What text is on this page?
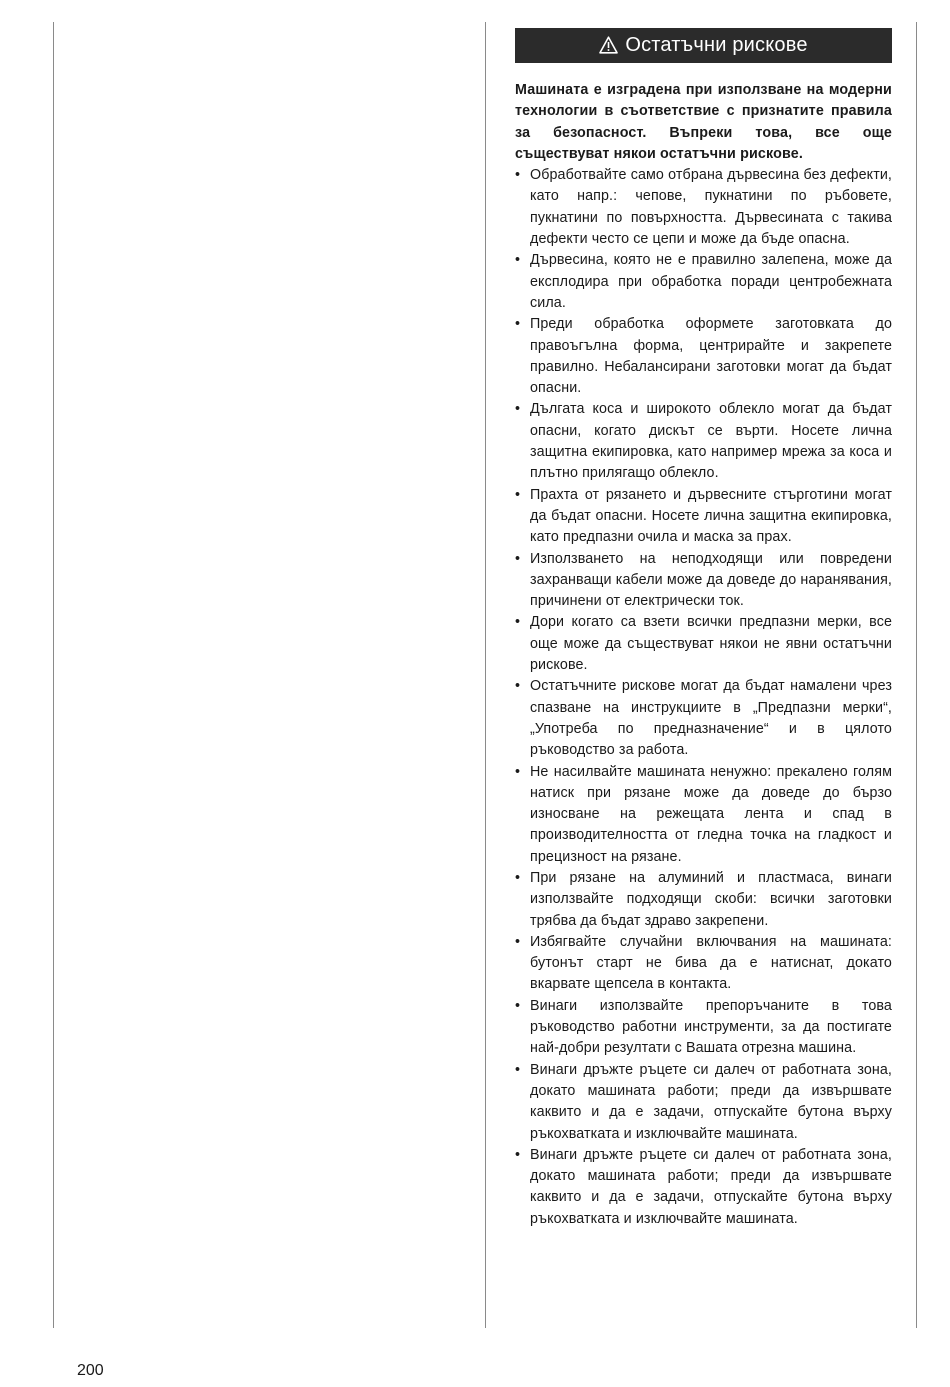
Остатъчни рискове

Машината е изградена при използване на модерни технологии в съответствие с признатите правила за безопасност. Въпреки това, все още съществуват някои остатъчни рискове.

• Обработвайте само отбрана дървесина без дефекти, като напр.: чепове, пукнатини по ръбовете, пукнатини по повърхността. Дървесината с такива дефекти често се цепи и може да бъде опасна.
• Дървесина, която не е правилно залепена, може да експлодира при обработка поради центробежната сила.
• Преди обработка оформете заготовката до правоъгълна форма, центрирайте и закрепете правилно. Небалансирани заготовки могат да бъдат опасни.
• Дългата коса и широкото облекло могат да бъдат опасни, когато дискът се върти. Носете лична защитна екипировка, като например мрежа за коса и плътно прилягащо облекло.
• Прахта от рязането и дървесните стърготини могат да бъдат опасни. Носете лична защитна екипировка, като предпазни очила и маска за прах.
• Използването на неподходящи или повредени захранващи кабели може да доведе до наранявания, причинени от електрически ток.
• Дори когато са взети всички предпазни мерки, все още може да съществуват някои не явни остатъчни рискове.
• Остатъчните рискове могат да бъдат намалени чрез спазване на инструкциите в „Предпазни мерки“, „Употреба по предназначение“ и в цялото ръководство за работа.
• Не насилвайте машината ненужно: прекалено голям натиск при рязане може да доведе до бързо износване на режещата лента и спад в производителността от гледна точка на гладкост и прецизност на рязане.
• При рязане на алуминий и пластмаса, винаги използвайте подходящи скоби: всички заготовки трябва да бъдат здраво закрепени.
• Избягвайте случайни включвания на машината: бутонът старт не бива да е натиснат, докато вкарвате щепсела в контакта.
• Винаги използвайте препоръчаните в това ръководство работни инструменти, за да постигате най-добри резултати с Вашата отрезна машина.
• Винаги дръжте ръцете си далеч от работната зона, докато машината работи; преди да извършвате каквито и да е задачи, отпускайте бутона върху ръкохватката и изключвайте машината.
• Винаги дръжте ръцете си далеч от работната зона, докато машината работи; преди да извършвате каквито и да е задачи, отпускайте бутона върху ръкохватката и изключвайте машината.
200
